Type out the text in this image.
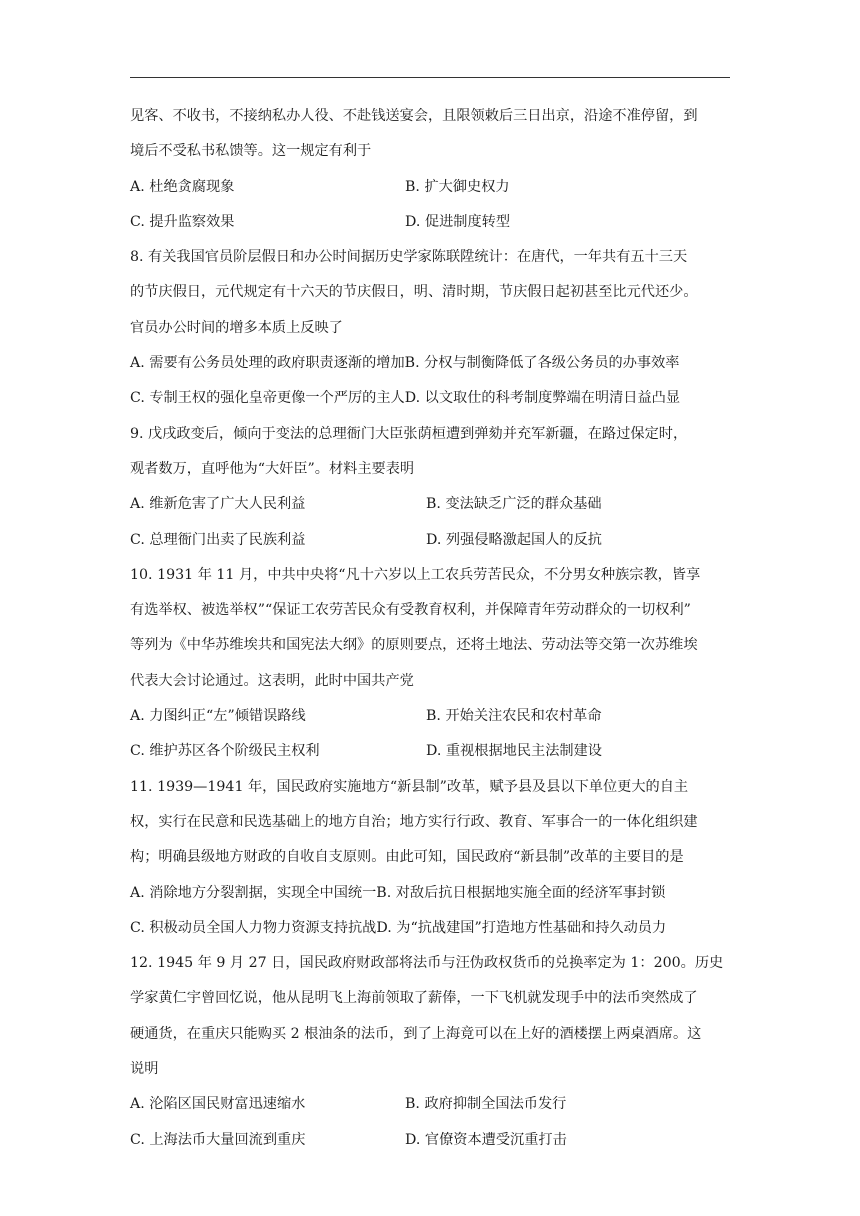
见客、不收书，不接纳私办人役、不赴钱送宴会，且限领敕后三日出京，沿途不准停留，到
境后不受私书私馈等。这一规定有利于
A. 杜绝贪腐现象	B. 扩大御史权力
C. 提升监察效果	D. 促进制度转型
8. 有关我国官员阶层假日和办公时间据历史学家陈联陞统计：在唐代，一年共有五十三天
的节庆假日，元代规定有十六天的节庆假日，明、清时期，节庆假日起初甚至比元代还少。
官员办公时间的增多本质上反映了
A. 需要有公务员处理的政府职责逐渐的增加 B. 分权与制衡降低了各级公务员的办事效率
C. 专制王权的强化皇帝更像一个严厉的主人 D. 以文取仕的科考制度弊端在明清日益凸显
9. 戊戌政变后，倾向于变法的总理衙门大臣张荫桓遭到弹劾并充军新疆，在路过保定时，
观者数万，直呼他为“大奸臣”。材料主要表明
A. 维新危害了广大人民利益	B. 变法缺乏广泛的群众基础
C. 总理衙门出卖了民族利益	D. 列强侵略激起国人的反抗
10. 1931 年 11 月，中共中央将“凡十六岁以上工农兵劳苦民众，不分男女种族宗教，皆享
有选举权、被选举权”“保证工农劳苦民众有受教育权利，并保障青年劳动群众的一切权利”
等列为《中华苏维埃共和国宪法大纲》的原则要点，还将土地法、劳动法等交第一次苏维埃
代表大会讨论通过。这表明，此时中国共产党
A. 力图纠正“左”倾错误路线	B. 开始关注农民和农村革命
C. 维护苏区各个阶级民主权利	D. 重视根据地民主法制建设
11. 1939—1941 年，国民政府实施地方“新县制”改革，赋予县及县以下单位更大的自主
权，实行在民意和民选基础上的地方自治；地方实行行政、教育、军事合一的一体化组织建
构；明确县级地方财政的自收自支原则。由此可知，国民政府“新县制”改革的主要目的是
A. 消除地方分裂割据，实现全中国统一 B. 对敌后抗日根据地实施全面的经济军事封锁
C. 积极动员全国人力物力资源支持抗战 D. 为“抗战建国”打造地方性基础和持久动员力
12. 1945 年 9 月 27 日，国民政府财政部将法币与汪伪政权货币的兑换率定为 1：200。历史
学家黄仁宇曾回忆说，他从昆明飞上海前领取了薪俸，一下飞机就发现手中的法币突然成了
硬通货，在重庆只能购买 2 根油条的法币，到了上海竟可以在上好的酒楼摆上两桌酒席。这
说明
A. 沦陷区国民财富迅速缩水	B. 政府抑制全国法币发行
C. 上海法币大量回流到重庆	D. 官僚资本遭受沉重打击
